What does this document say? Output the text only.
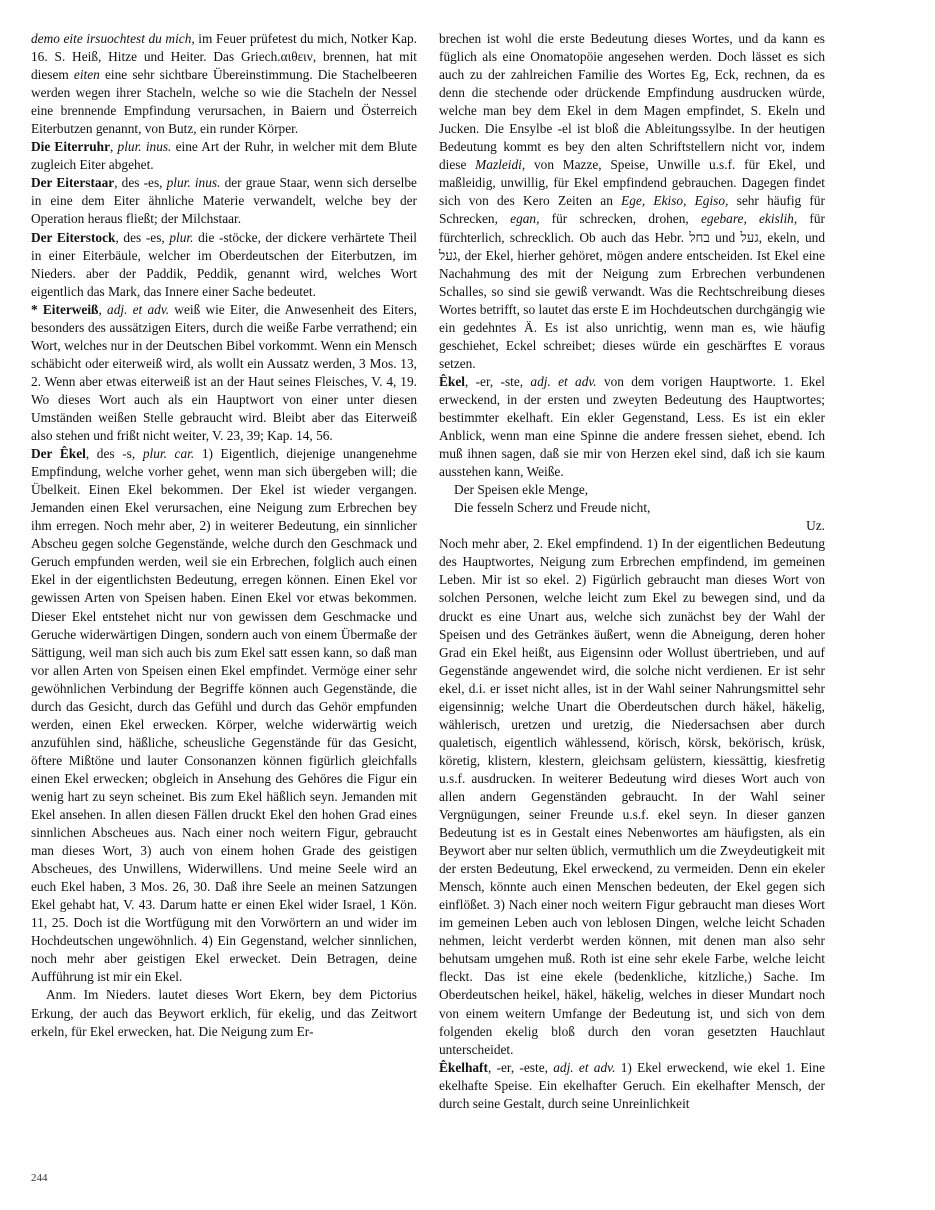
demo eite irsuochtest du mich, im Feuer prüfetest du mich, Notker Kap. 16. S. Heiß, Hitze und Heiter. Das Griech.αιθειν, brennen, hat mit diesem eiten eine sehr sichtbare Übereinstimmung. Die Stachelbeeren werden wegen ihrer Stacheln, welche so wie die Stacheln der Nessel eine brennende Empfindung verursachen, in Baiern und Österreich Eiterbutzen genannt, von Butz, ein runder Körper.

Die Eiterruhr, plur. inus. eine Art der Ruhr, in welcher mit dem Blute zugleich Eiter abgehet.

Der Eiterstaar, des -es, plur. inus. der graue Staar, wenn sich derselbe in eine dem Eiter ähnliche Materie verwandelt, welche bey der Operation heraus fließt; der Milchstaar.

Der Eiterstock, des -es, plur. die -stöcke, der dickere verhärtete Theil in einer Eiterbäule, welcher im Oberdeutschen der Eiterbutzen, im Nieders. aber der Paddik, Peddik, genannt wird, welches Wort eigentlich das Mark, das Innere einer Sache bedeutet.

* Eiterweiß, adj. et adv. weiß wie Eiter, die Anwesenheit des Eiters, besonders des aussätzigen Eiters, durch die weiße Farbe verrathend; ein Wort, welches nur in der Deutschen Bibel vorkommt. Wenn ein Mensch schäbicht oder eiterweiß wird, als wollt ein Aussatz werden, 3 Mos. 13, 2. Wenn aber etwas eiterweiß ist an der Haut seines Fleisches, V. 4, 19. Wo dieses Wort auch als ein Hauptwort von einer unter diesen Umständen weißen Stelle gebraucht wird. Bleibt aber das Eiterweiß also stehen und frißt nicht weiter, V. 23, 39; Kap. 14, 56.

Der Êkel, des -s, plur. car. 1) Eigentlich, diejenige unangenehme Empfindung, welche vorher gehet, wenn man sich übergeben will; die Übelkeit. Einen Ekel bekommen. Der Ekel ist wieder vergangen. Jemanden einen Ekel verursachen, eine Neigung zum Erbrechen bey ihm erregen. Noch mehr aber, 2) in weiterer Bedeutung, ein sinnlicher Abscheu gegen solche Gegenstände, welche durch den Geschmack und Geruch empfunden werden, weil sie ein Erbrechen, folglich auch einen Ekel in der eigentlichsten Bedeutung, erregen können. Einen Ekel vor gewissen Arten von Speisen haben. Einen Ekel vor etwas bekommen. Dieser Ekel entstehet nicht nur von gewissen dem Geschmacke und Geruche widerwärtigen Dingen, sondern auch von einem Übermaße der Sättigung, weil man sich auch bis zum Ekel satt essen kann, so daß man vor allen Arten von Speisen einen Ekel empfindet. Vermöge einer sehr gewöhnlichen Verbindung der Begriffe können auch Gegenstände, die durch das Gesicht, durch das Gefühl und durch das Gehör empfunden werden, einen Ekel erwecken. Körper, welche widerwärtig weich anzufühlen sind, häßliche, scheusliche Gegenstände für das Gesicht, öftere Mißtöne und lauter Consonanzen können figürlich gleichfalls einen Ekel erwecken; obgleich in Ansehung des Gehöres die Figur ein wenig hart zu seyn scheinet. Bis zum Ekel häßlich seyn. Jemanden mit Ekel ansehen. In allen diesen Fällen druckt Ekel den hohen Grad eines sinnlichen Abscheues aus. Nach einer noch weitern Figur, gebraucht man dieses Wort, 3) auch von einem hohen Grade des geistigen Abscheues, des Unwillens, Widerwillens. Und meine Seele wird an euch Ekel haben, 3 Mos. 26, 30. Daß ihre Seele an meinen Satzungen Ekel gehabt hat, V. 43. Darum hatte er einen Ekel wider Israel, 1 Kön. 11, 25. Doch ist die Wortfügung mit den Vorwörtern an und wider im Hochdeutschen ungewöhnlich. 4) Ein Gegenstand, welcher sinnlichen, noch mehr aber geistigen Ekel erwecket. Dein Betragen, deine Aufführung ist mir ein Ekel.

Anm. Im Nieders. lautet dieses Wort Ekern, bey dem Pictorius Erkung, der auch das Beywort erklich, für ekelig, und das Zeitwort erkeln, für Ekel erwecken, hat. Die Neigung zum Er-

brechen ist wohl die erste Bedeutung dieses Wortes, und da kann es füglich als eine Onomatopöie angesehen werden. Doch lässet es sich auch zu der zahlreichen Familie des Wortes Eg, Eck, rechnen, da es denn die stechende oder drückende Empfindung ausdrucken würde, welche man bey dem Ekel in dem Magen empfindet, S. Ekeln und Jucken. Die Ensylbe -el ist bloß die Ableitungssylbe. In der heutigen Bedeutung kommt es bey den alten Schriftstellern nicht vor, indem diese Mazleidi, von Mazze, Speise, Unwille u.s.f. für Ekel, und maßleidig, unwillig, für Ekel empfindend gebrauchen. Dagegen findet sich von des Kero Zeiten an Ege, Ekiso, Egiso, sehr häufig für Schrecken, egan, für schrecken, drohen, egebare, ekislih, für fürchterlich, schrecklich. Ob auch das Hebr. בחל und געל, ekeln, und געל, der Ekel, hierher gehöret, mögen andere entscheiden. Ist Ekel eine Nachahmung des mit der Neigung zum Erbrechen verbundenen Schalles, so sind sie gewiß verwandt. Was die Rechtschreibung dieses Wortes betrifft, so lautet das erste E im Hochdeutschen durchgängig wie ein gedehntes Ä. Es ist also unrichtig, wenn man es, wie häufig geschiehet, Eckel schreibet; dieses würde ein geschärftes E voraus setzen.

Êkel, -er, -ste, adj. et adv. von dem vorigen Hauptworte. 1. Ekel erweckend, in der ersten und zweyten Bedeutung des Hauptwortes; bestimmter ekelhaft. Ein ekler Gegenstand, Less. Es ist ein ekler Anblick, wenn man eine Spinne die andere fressen siehet, ebend. Ich muß ihnen sagen, daß sie mir von Herzen ekel sind, daß ich sie kaum ausstehen kann, Weiße.

Der Speisen ekle Menge,

Die fesseln Scherz und Freude nicht,

Uz.

Noch mehr aber, 2. Ekel empfindend. 1) In der eigentlichen Bedeutung des Hauptwortes, Neigung zum Erbrechen empfindend, im gemeinen Leben. Mir ist so ekel. 2) Figürlich gebraucht man dieses Wort von solchen Personen, welche leicht zum Ekel zu bewegen sind, und da druckt es eine Unart aus, welche sich zunächst bey der Wahl der Speisen und des Getränkes äußert, wenn die Abneigung, deren hoher Grad ein Ekel heißt, aus Eigensinn oder Wollust übertrieben, und auf Gegenstände angewendet wird, die solche nicht verdienen. Er ist sehr ekel, d.i. er isset nicht alles, ist in der Wahl seiner Nahrungsmittel sehr eigensinnig; welche Unart die Oberdeutschen durch häkel, häkelig, wählerisch, uretzen und uretzig, die Niedersachsen aber durch qualetisch, eigentlich wählessend, körisch, körsk, bekörisch, krüsk, köretig, klistern, klestern, gleichsam gelüstern, kiessättig, kiesfretig u.s.f. ausdrucken. In weiterer Bedeutung wird dieses Wort auch von allen andern Gegenständen gebraucht. In der Wahl seiner Vergnügungen, seiner Freunde u.s.f. ekel seyn. In dieser ganzen Bedeutung ist es in Gestalt eines Nebenwortes am häufigsten, als ein Beywort aber nur selten üblich, vermuthlich um die Zweydeutigkeit mit der ersten Bedeutung, Ekel erweckend, zu vermeiden. Denn ein ekeler Mensch, könnte auch einen Menschen bedeuten, der Ekel gegen sich einflößet. 3) Nach einer noch weitern Figur gebraucht man dieses Wort im gemeinen Leben auch von leblosen Dingen, welche leicht Schaden nehmen, leicht verderbt werden können, mit denen man also sehr behutsam umgehen muß. Roth ist eine sehr ekele Farbe, welche leicht fleckt. Das ist eine ekele (bedenkliche, kitzliche,) Sache. Im Oberdeutschen heikel, häkel, häkelig, welches in dieser Mundart noch von einem weitern Umfange der Bedeutung ist, und sich von dem folgenden ekelig bloß durch den voran gesetzten Hauchlaut unterscheidet.

Êkelhaft, -er, -este, adj. et adv. 1) Ekel erweckend, wie ekel 1. Eine ekelhafte Speise. Ein ekelhafter Geruch. Ein ekelhafter Mensch, der durch seine Gestalt, durch seine Unreinlichkeit

244
